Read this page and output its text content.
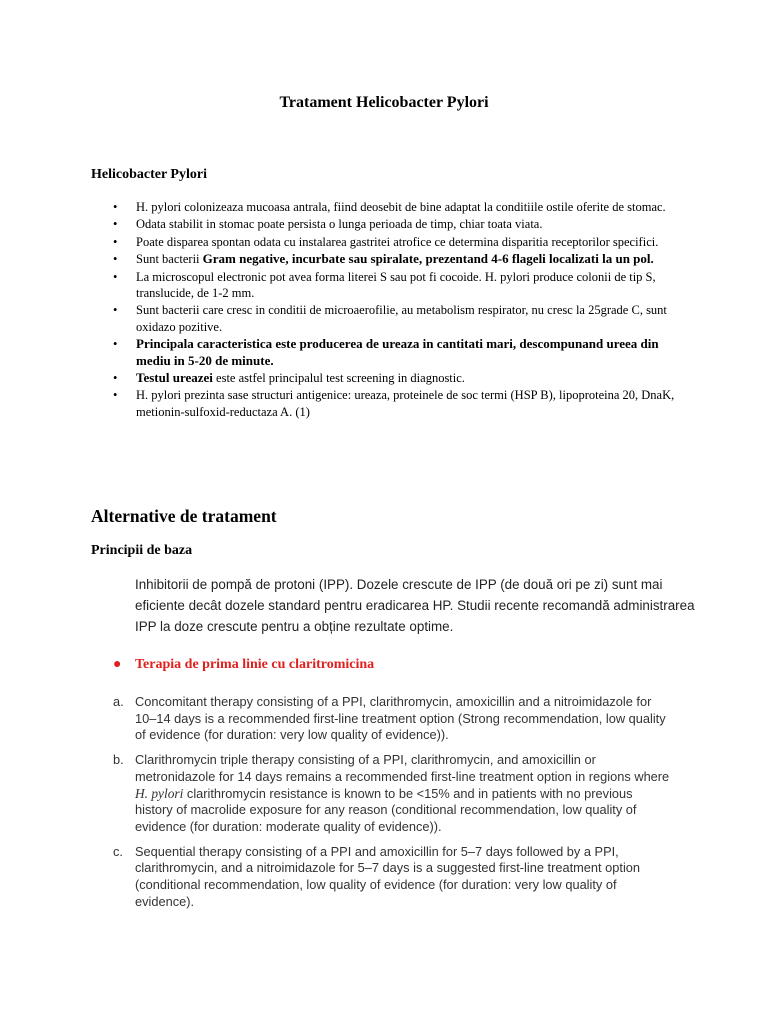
Tratament Helicobacter Pylori
Helicobacter Pylori
• H. pylori colonizeaza mucoasa antrala, fiind deosebit de bine adaptat la conditiile ostile oferite de stomac.
• Odata stabilit in stomac poate persista o lunga perioada de timp, chiar toata viata.
• Poate disparea spontan odata cu instalarea gastritei atrofice ce determina disparitia receptorilor specifici.
• Sunt bacterii Gram negative, incurbate sau spiralate, prezentand 4-6 flageli localizati la un pol.
• La microscopul electronic pot avea forma literei S sau pot fi cocoide. H. pylori produce colonii de tip S, translucide, de 1-2 mm.
• Sunt bacterii care cresc in conditii de microaerofilie, au metabolism respirator, nu cresc la 25grade C, sunt oxidazo pozitive.
• Principala caracteristica este producerea de ureaza in cantitati mari, descompunand ureea din mediu in 5-20 de minute.
• Testul ureazei este astfel principalul test screening in diagnostic.
• H. pylori prezinta sase structuri antigenice: ureaza, proteinele de soc termi (HSP B), lipoproteina 20, DnaK, metionin-sulfoxid-reductaza A. (1)
Alternative de tratament
Principii de baza
Inhibitorii de pompă de protoni (IPP). Dozele crescute de IPP (de două ori pe zi) sunt mai eficiente decât dozele standard pentru eradicarea HP. Studii recente recomandă administrarea IPP la doze crescute pentru a obține rezultate optime.
● Terapia de prima linie cu claritromicina
a. Concomitant therapy consisting of a PPI, clarithromycin, amoxicillin and a nitroimidazole for 10–14 days is a recommended first-line treatment option (Strong recommendation, low quality of evidence (for duration: very low quality of evidence)).
b. Clarithromycin triple therapy consisting of a PPI, clarithromycin, and amoxicillin or metronidazole for 14 days remains a recommended first-line treatment option in regions where H. pylori clarithromycin resistance is known to be <15% and in patients with no previous history of macrolide exposure for any reason (conditional recommendation, low quality of evidence (for duration: moderate quality of evidence)).
c. Sequential therapy consisting of a PPI and amoxicillin for 5–7 days followed by a PPI, clarithromycin, and a nitroimidazole for 5–7 days is a suggested first-line treatment option (conditional recommendation, low quality of evidence (for duration: very low quality of evidence).
